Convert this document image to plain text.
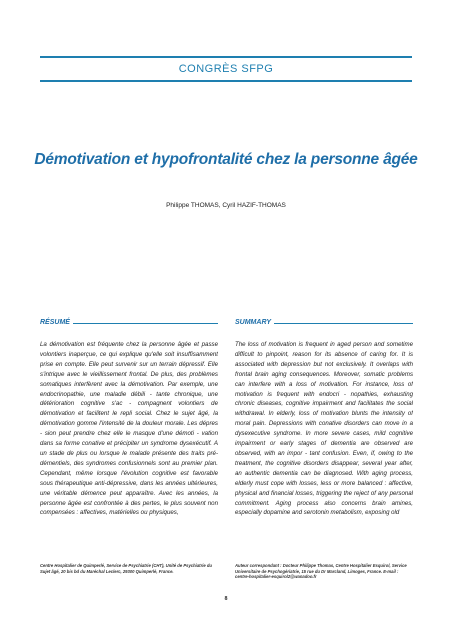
CONGRÈS SFPG
Démotivation et hypofrontalité chez la personne âgée
Philippe THOMAS, Cyril HAZIF-THOMAS
RÉSUMÉ

La démotivation est fréquente chez la personne âgée et passe volontiers inaperçue, ce qui explique qu'elle soit insuffisamment prise en compte. Elle peut survenir sur un terrain dépressif. Elle s'intrique avec le vieillissement frontal. De plus, des problèmes somatiques interfèrent avec la démotivation. Par exemple, une endocrinopathie, une maladie débili - tante chronique, une détérioration cognitive s'ac - compagnent volontiers de démotivation et facilitent le repli social. Chez le sujet âgé, la démotivation gomme l'intensité de la douleur morale. Les dépres - sion peut prendre chez elle le masque d'une démoti - vation dans sa forme conative et précipiter un syndrome dysexécutif. A un stade de plus ou lorsque le malade présente des traits pré-démentiels, des syndromes confusionnels sont au premier plan. Cependant, même lorsque l'évolution cognitive est favorable sous thérapeutique anti-dépressive, dans les années ultérieures, une véritable démence peut apparaître. Avec les années, la personne âgée est confrontée à des pertes, le plus souvent non compensées : affectives, matérielles ou physiques,

SUMMARY

The loss of motivation is frequent in aged person and sometime difficult to pinpoint, reason for its absence of caring for. It is associated with depression but not exclusively. It overlaps with frontal brain aging consequences. Moreover, somatic problems can interfere with a loss of motivation. For instance, loss of motivation is frequent with endocri - nopathies, exhausting chronic diseases, cognitive impairment and facilitates the social withdrawal. In elderly, loss of motivation blunts the intensity of moral pain. Depressions with conative disorders can move in a dysexecutive syndrome. In more severe cases, mild cognitive impairment or early stages of dementia are observed are observed, with an impor - tant confusion. Even, if, owing to the treatment, the cognitive disorders disappear, several year after, an authentic dementia can be diagnosed. With aging process, elderly must cope with losses, less or more balanced : affective, physical and financial losses, triggering the reject of any personal commitment. Aging process also concerns brain amines, especially dopamine and serotonin metabolism, exposing old

Centre Hospitalier de Quimperlé, Service de Psychiatrie (CHT), Unité de Psychiatrie du Sujet âgé, 20 bis bd du Maréchal Leclerc, 29300 Quimperlé, France.
Auteur correspondant : Docteur Philippe Thomas, Centre Hospitalier Esquirol, Service Universitaire de Psychogériatrie, 15 rue du Dr Marcland, Limoges, France. E-mail : centre-hospitalier-esquirol2@wanadoo.fr
8
